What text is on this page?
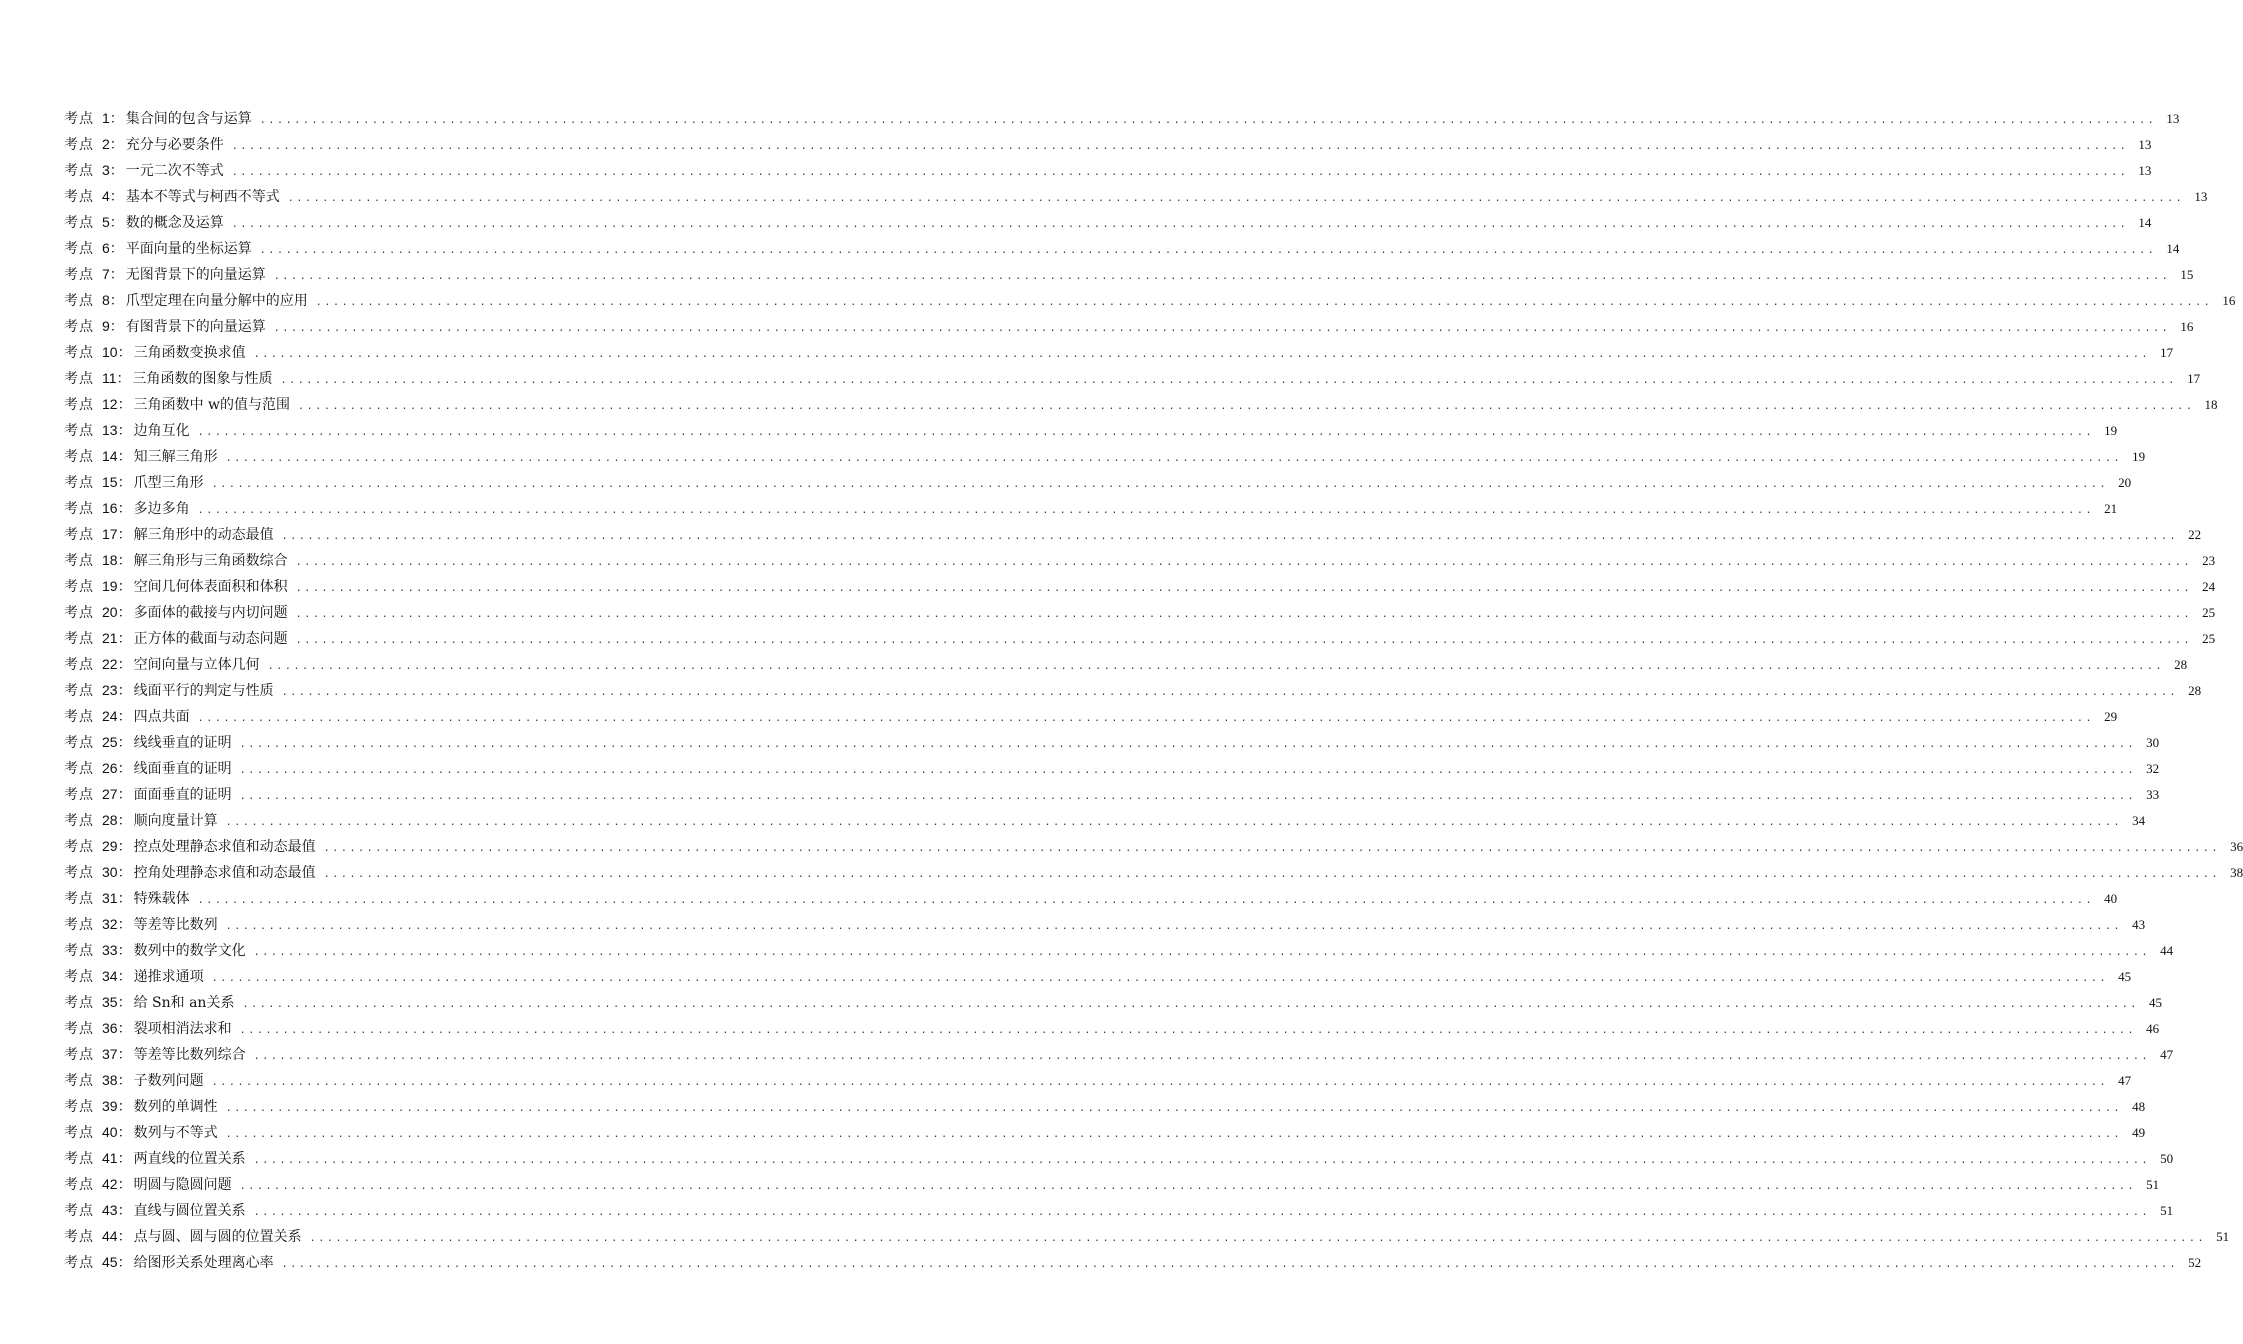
考点 1 ： 集合间的包含与运算 ............................................................................................................................................................................................................................ 13
考点 2 ： 充分与必要条件 ............................................................................................................................................................................................................................ 13
考点 3 ： 一元二次不等式 ............................................................................................................................................................................................................................ 13
考点 4 ： 基本不等式与柯西不等式 ............................................................................................................................................................................................................................ 13
考点 5 ： 数的概念及运算 ............................................................................................................................................................................................................................ 14
考点 6 ： 平面向量的坐标运算 ............................................................................................................................................................................................................................ 14
考点 7 ： 无图背景下的向量运算 ............................................................................................................................................................................................................................ 15
考点 8 ： 爪型定理在向量分解中的应用 ............................................................................................................................................................................................................................ 16
考点 9 ： 有图背景下的向量运算 ............................................................................................................................................................................................................................ 16
考点 10 ： 三角函数变换求值 ............................................................................................................................................................................................................................ 17
考点 11 ： 三角函数的图象与性质 ............................................................................................................................................................................................................................ 17
考点 12 ： 三角函数中 w的值与范围 ............................................................................................................................................................................................................................ 18
考点 13 ： 边角互化 ............................................................................................................................................................................................................................ 19
考点 14 ： 知三解三角形 ............................................................................................................................................................................................................................ 19
考点 15 ： 爪型三角形 ............................................................................................................................................................................................................................ 20
考点 16 ： 多边多角 ............................................................................................................................................................................................................................ 21
考点 17 ： 解三角形中的动态最值 ............................................................................................................................................................................................................................ 22
考点 18 ： 解三角形与三角函数综合 ............................................................................................................................................................................................................................ 23
考点 19 ： 空间几何体表面积和体积 ............................................................................................................................................................................................................................ 24
考点 20 ： 多面体的截接与内切问题 ............................................................................................................................................................................................................................ 25
考点 21 ： 正方体的截面与动态问题 ............................................................................................................................................................................................................................ 25
考点 22 ： 空间向量与立体几何 ............................................................................................................................................................................................................................ 28
考点 23 ： 线面平行的判定与性质 ............................................................................................................................................................................................................................ 28
考点 24 ： 四点共面 ............................................................................................................................................................................................................................ 29
考点 25 ： 线线垂直的证明 ............................................................................................................................................................................................................................ 30
考点 26 ： 线面垂直的证明 ............................................................................................................................................................................................................................ 32
考点 27 ： 面面垂直的证明 ............................................................................................................................................................................................................................ 33
考点 28 ： 顺向度量计算 ............................................................................................................................................................................................................................ 34
考点 29 ： 控点处理静态求值和动态最值 ............................................................................................................................................................................................................................ 36
考点 30 ： 控角处理静态求值和动态最值 ............................................................................................................................................................................................................................ 38
考点 31 ： 特殊载体 ............................................................................................................................................................................................................................ 40
考点 32 ： 等差等比数列 ............................................................................................................................................................................................................................ 43
考点 33 ： 数列中的数学文化 ............................................................................................................................................................................................................................ 44
考点 34 ： 递推求通项 ............................................................................................................................................................................................................................ 45
考点 35 ： 给 Sn和 an关系 ............................................................................................................................................................................................................................ 45
考点 36 ： 裂项相消法求和 ............................................................................................................................................................................................................................ 46
考点 37 ： 等差等比数列综合 ............................................................................................................................................................................................................................ 47
考点 38 ： 子数列问题 ............................................................................................................................................................................................................................ 47
考点 39 ： 数列的单调性 ............................................................................................................................................................................................................................ 48
考点 40 ： 数列与不等式 ............................................................................................................................................................................................................................ 49
考点 41 ： 两直线的位置关系 ............................................................................................................................................................................................................................ 50
考点 42 ： 明圆与隐圆问题 ............................................................................................................................................................................................................................ 51
考点 43 ： 直线与圆位置关系 ............................................................................................................................................................................................................................ 51
考点 44 ： 点与圆、圆与圆的位置关系 ............................................................................................................................................................................................................................ 51
考点 45 ： 给图形关系处理离心率 ............................................................................................................................................................................................................................ 52
